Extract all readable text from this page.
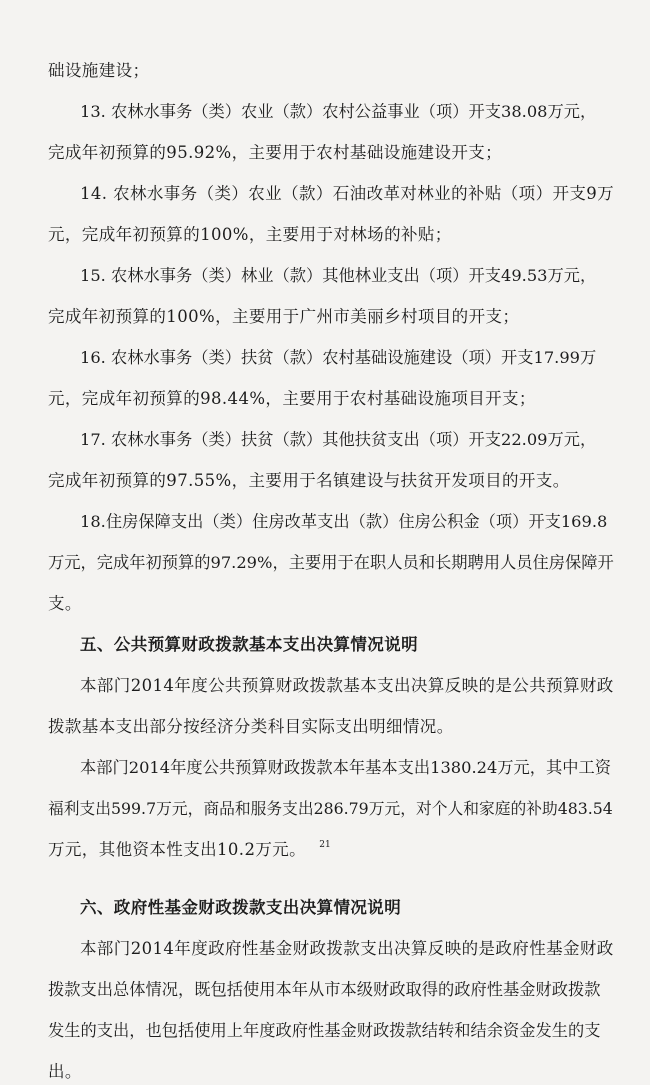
础设施建设；
13. 农林水事务（类）农业（款）农村公益事业（项）开支38.08万元，
完成年初预算的95.92%，主要用于农村基础设施建设开支；
14. 农林水事务（类）农业（款）石油改革对林业的补贴（项）开支9万
元，完成年初预算的100%，主要用于对林场的补贴；
15. 农林水事务（类）林业（款）其他林业支出（项）开支49.53万元，
完成年初预算的100%，主要用于广州市美丽乡村项目的开支；
16. 农林水事务（类）扶贫（款）农村基础设施建设（项）开支17.99万
元，完成年初预算的98.44%，主要用于农村基础设施项目开支；
17. 农林水事务（类）扶贫（款）其他扶贫支出（项）开支22.09万元，
完成年初预算的97.55%，主要用于名镇建设与扶贫开发项目的开支。
18.住房保障支出（类）住房改革支出（款）住房公积金（项）开支169.8
万元，完成年初预算的97.29%，主要用于在职人员和长期聘用人员住房保障开
支。
五、公共预算财政拨款基本支出决算情况说明
本部门2014年度公共预算财政拨款基本支出决算反映的是公共预算财政
拨款基本支出部分按经济分类科目实际支出明细情况。
本部门2014年度公共预算财政拨款本年基本支出1380.24万元，其中工资
福利支出599.7万元，商品和服务支出286.79万元，对个人和家庭的补助483.54
万元，其他资本性支出10.2万元。
六、政府性基金财政拨款支出决算情况说明
本部门2014年度政府性基金财政拨款支出决算反映的是政府性基金财政
拨款支出总体情况，既包括使用本年从市本级财政取得的政府性基金财政拨款
发生的支出，也包括使用上年度政府性基金财政拨款结转和结余资金发生的支
出。
21
